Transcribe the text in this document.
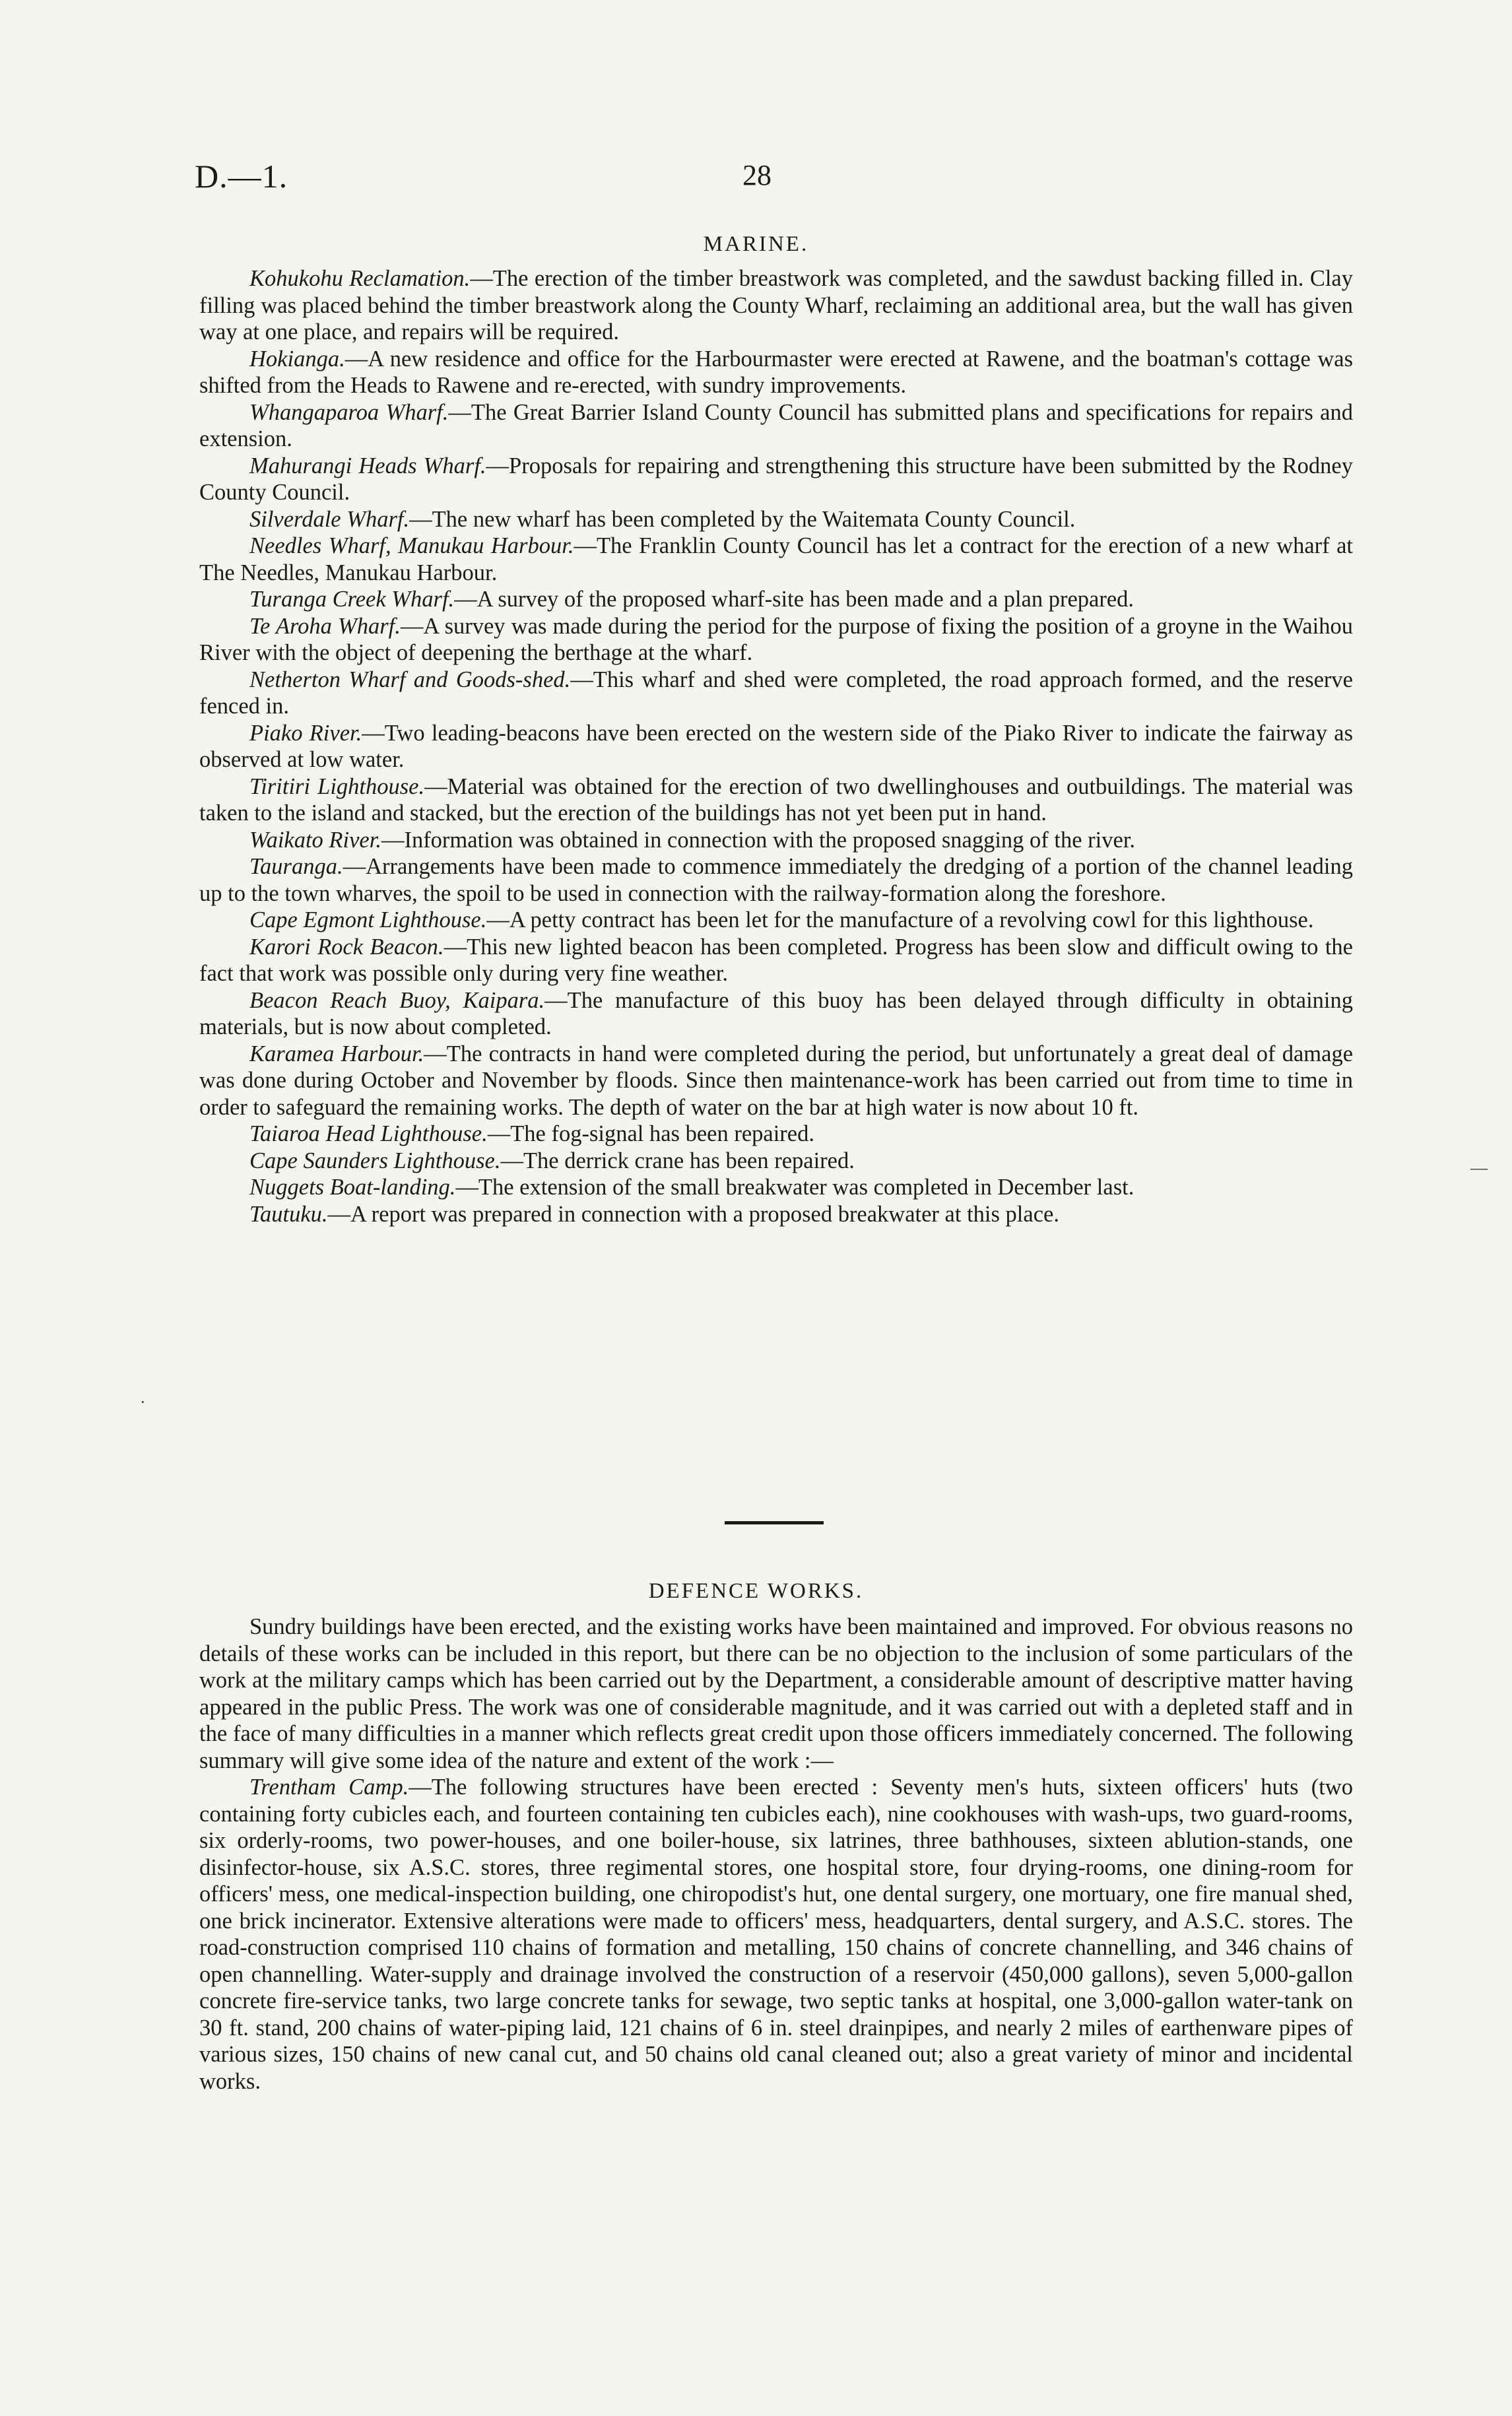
D.—1.	28
MARINE.

Kohukohu Reclamation.—The erection of the timber breastwork was completed, and the sawdust backing filled in. Clay filling was placed behind the timber breastwork along the County Wharf, reclaiming an additional area, but the wall has given way at one place, and repairs will be required.

Hokianga.—A new residence and office for the Harbourmaster were erected at Rawene, and the boatman's cottage was shifted from the Heads to Rawene and re-erected, with sundry improvements.

Whangaparoa Wharf.—The Great Barrier Island County Council has submitted plans and specifications for repairs and extension.

Mahurangi Heads Wharf.—Proposals for repairing and strengthening this structure have been submitted by the Rodney County Council.

Silverdale Wharf.—The new wharf has been completed by the Waitemata County Council.

Needles Wharf, Manukau Harbour.—The Franklin County Council has let a contract for the erection of a new wharf at The Needles, Manukau Harbour.

Turanga Creek Wharf.—A survey of the proposed wharf-site has been made and a plan prepared.

Te Aroha Wharf.—A survey was made during the period for the purpose of fixing the position of a groyne in the Waihou River with the object of deepening the berthage at the wharf.

Netherton Wharf and Goods-shed.—This wharf and shed were completed, the road approach formed, and the reserve fenced in.

Piako River.—Two leading-beacons have been erected on the western side of the Piako River to indicate the fairway as observed at low water.

Tiritiri Lighthouse.—Material was obtained for the erection of two dwellinghouses and outbuildings. The material was taken to the island and stacked, but the erection of the buildings has not yet been put in hand.

Waikato River.—Information was obtained in connection with the proposed snagging of the river.

Tauranga.—Arrangements have been made to commence immediately the dredging of a portion of the channel leading up to the town wharves, the spoil to be used in connection with the railway-formation along the foreshore.

Cape Egmont Lighthouse.—A petty contract has been let for the manufacture of a revolving cowl for this lighthouse.

Karori Rock Beacon.—This new lighted beacon has been completed. Progress has been slow and difficult owing to the fact that work was possible only during very fine weather.

Beacon Reach Buoy, Kaipara.—The manufacture of this buoy has been delayed through difficulty in obtaining materials, but is now about completed.

Karamea Harbour.—The contracts in hand were completed during the period, but unfortunately a great deal of damage was done during October and November by floods. Since then maintenance-work has been carried out from time to time in order to safeguard the remaining works. The depth of water on the bar at high water is now about 10 ft.

Taiaroa Head Lighthouse.—The fog-signal has been repaired.

Cape Saunders Lighthouse.—The derrick crane has been repaired.

Nuggets Boat-landing.—The extension of the small breakwater was completed in December last.

Tautuku.—A report was prepared in connection with a proposed breakwater at this place.

DEFENCE WORKS.

Sundry buildings have been erected, and the existing works have been maintained and improved. For obvious reasons no details of these works can be included in this report, but there can be no objection to the inclusion of some particulars of the work at the military camps which has been carried out by the Department, a considerable amount of descriptive matter having appeared in the public Press. The work was one of considerable magnitude, and it was carried out with a depleted staff and in the face of many difficulties in a manner which reflects great credit upon those officers immediately concerned. The following summary will give some idea of the nature and extent of the work :—

Trentham Camp.—The following structures have been erected : Seventy men's huts, sixteen officers' huts (two containing forty cubicles each, and fourteen containing ten cubicles each), nine cookhouses with wash-ups, two guard-rooms, six orderly-rooms, two power-houses, and one boiler-house, six latrines, three bathhouses, sixteen ablution-stands, one disinfector-house, six A.S.C. stores, three regimental stores, one hospital store, four drying-rooms, one dining-room for officers' mess, one medical-inspection building, one chiropodist's hut, one dental surgery, one mortuary, one fire manual shed, one brick incinerator. Extensive alterations were made to officers' mess, headquarters, dental surgery, and A.S.C. stores. The road-construction comprised 110 chains of formation and metalling, 150 chains of concrete channelling, and 346 chains of open channelling. Water-supply and drainage involved the construction of a reservoir (450,000 gallons), seven 5,000-gallon concrete fire-service tanks, two large concrete tanks for sewage, two septic tanks at hospital, one 3,000-gallon water-tank on 30 ft. stand, 200 chains of water-piping laid, 121 chains of 6 in. steel drainpipes, and nearly 2 miles of earthenware pipes of various sizes, 150 chains of new canal cut, and 50 chains old canal cleaned out; also a great variety of minor and incidental works.

—
·
